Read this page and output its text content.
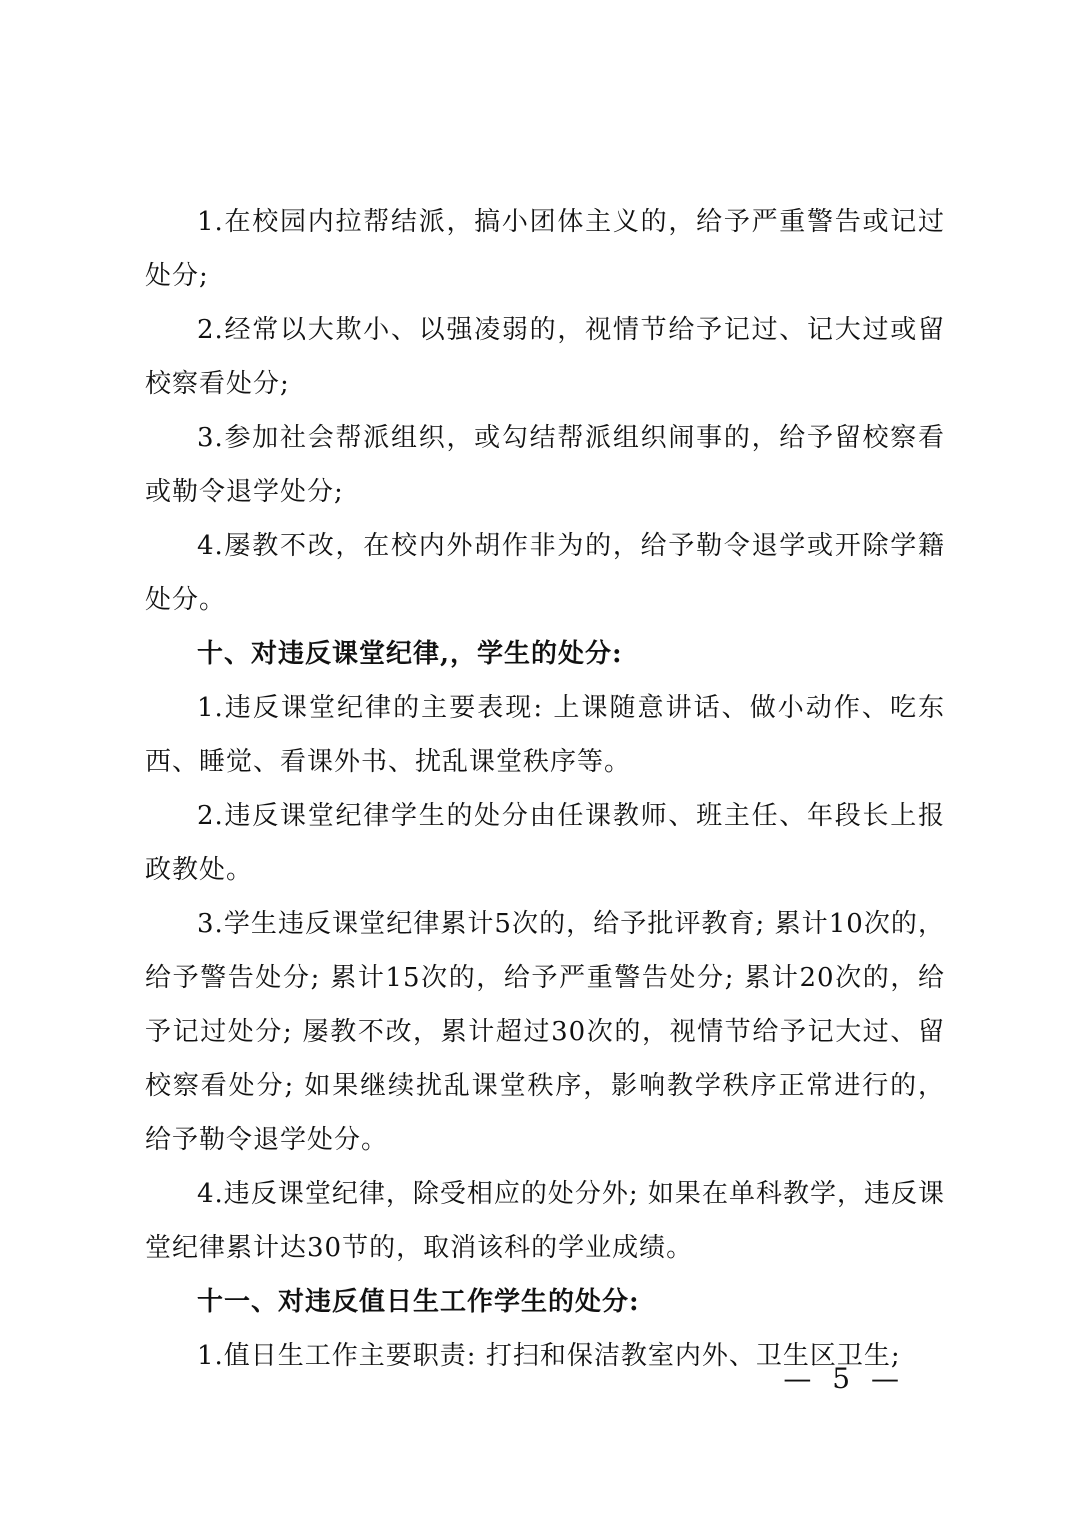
1.在校园内拉帮结派，搞小团体主义的，给予严重警告或记过处分;

2.经常以大欺小、以强凌弱的，视情节给予记过、记大过或留校察看处分;

3.参加社会帮派组织，或勾结帮派组织闹事的，给予留校察看或勒令退学处分;

4.屡教不改，在校内外胡作非为的，给予勒令退学或开除学籍处分。

十、对违反课堂纪律,，学生的处分:

1.违反课堂纪律的主要表现: 上课随意讲话、做小动作、吃东西、睡觉、看课外书、扰乱课堂秩序等。

2.违反课堂纪律学生的处分由任课教师、班主任、年段长上报政教处。

3.学生违反课堂纪律累计5次的，给予批评教育; 累计10次的，给予警告处分; 累计15次的，给予严重警告处分; 累计20次的，给予记过处分; 屡教不改，累计超过30次的，视情节给予记大过、留校察看处分; 如果继续扰乱课堂秩序，影响教学秩序正常进行的，给予勒令退学处分。

4.违反课堂纪律，除受相应的处分外; 如果在单科教学，违反课堂纪律累计达30节的，取消该科的学业成绩。

十一、对违反值日生工作学生的处分:

1.值日生工作主要职责: 打扫和保洁教室内外、卫生区卫生;

— 5 —
